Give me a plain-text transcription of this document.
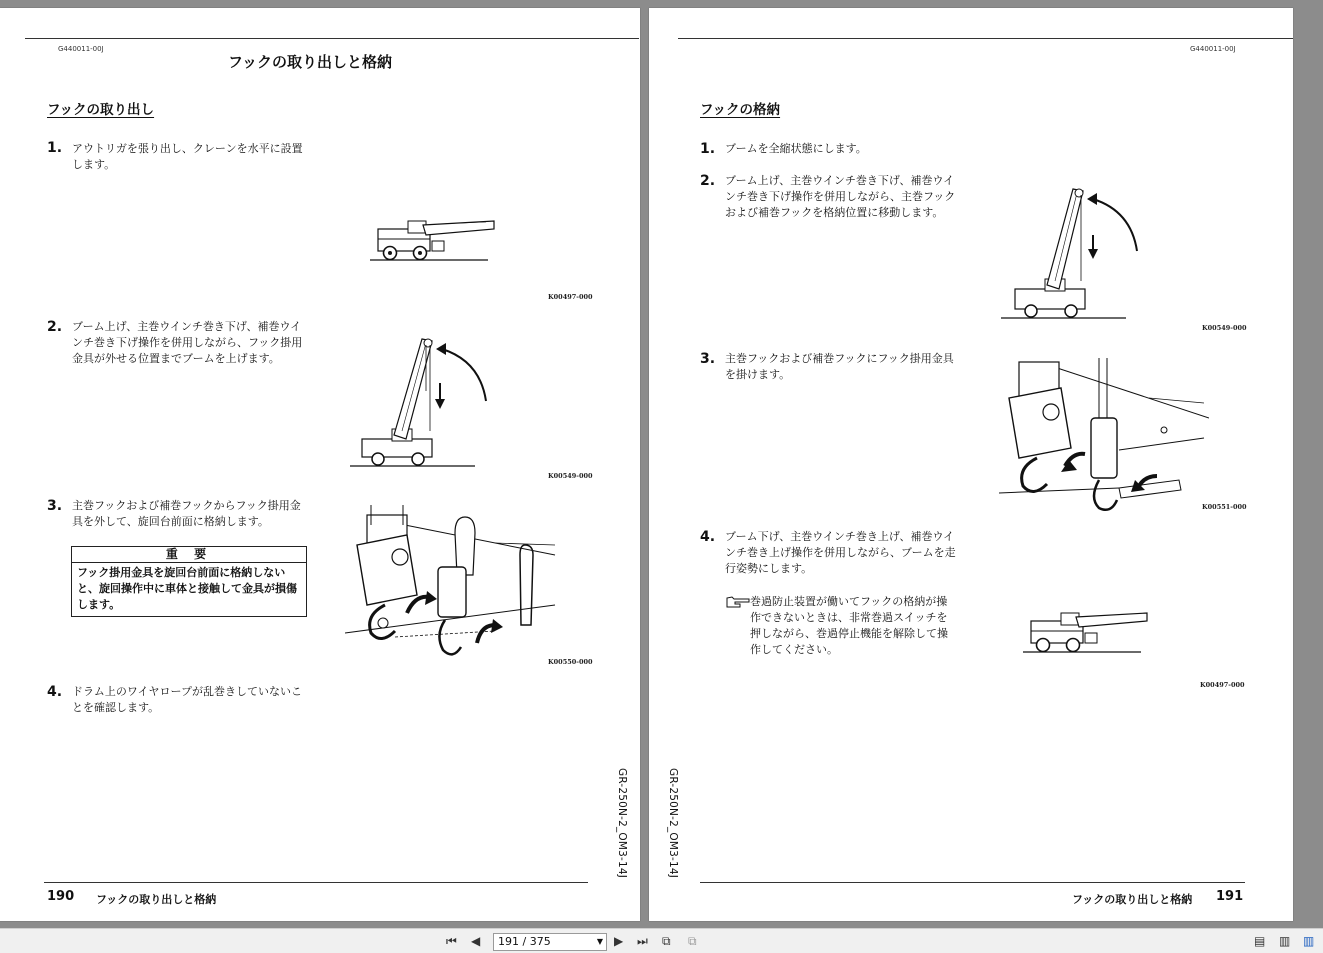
G440011-00J
フックの取り出しと格納
フックの取り出し
1. アウトリガを張り出し、クレーンを水平に設置します。
K00497-000
2. ブーム上げ、主巻ウインチ巻き下げ、補巻ウインチ巻き下げ操作を併用しながら、フック掛用金具が外せる位置までブームを上げます。
K00549-000
3. 主巻フックおよび補巻フックからフック掛用金具を外して、旋回台前面に格納します。
重 要
フック掛用金具を旋回台前面に格納しないと、旋回操作中に車体と接触して金具が損傷します。
K00550-000
4. ドラム上のワイヤロープが乱巻きしていないことを確認します。
GR-250N-2_OM3-14J
190 フックの取り出しと格納
G440011-00J
フックの格納
1. ブームを全縮状態にします。
2. ブーム上げ、主巻ウインチ巻き下げ、補巻ウインチ巻き下げ操作を併用しながら、主巻フックおよび補巻フックを格納位置に移動します。
K00549-000
3. 主巻フックおよび補巻フックにフック掛用金具を掛けます。
K00551-000
4. ブーム下げ、主巻ウインチ巻き上げ、補巻ウインチ巻き上げ操作を併用しながら、ブームを走行姿勢にします。
巻過防止装置が働いてフックの格納が操作できないときは、非常巻過スイッチを押しながら、巻過停止機能を解除して操作してください。
K00497-000
GR-250N-2_OM3-14J
フックの取り出しと格納 191
⏮ ◀	191 / 375	▼ ▶ ⏭ ⧉ ⧉	▤ ▥ ▥
